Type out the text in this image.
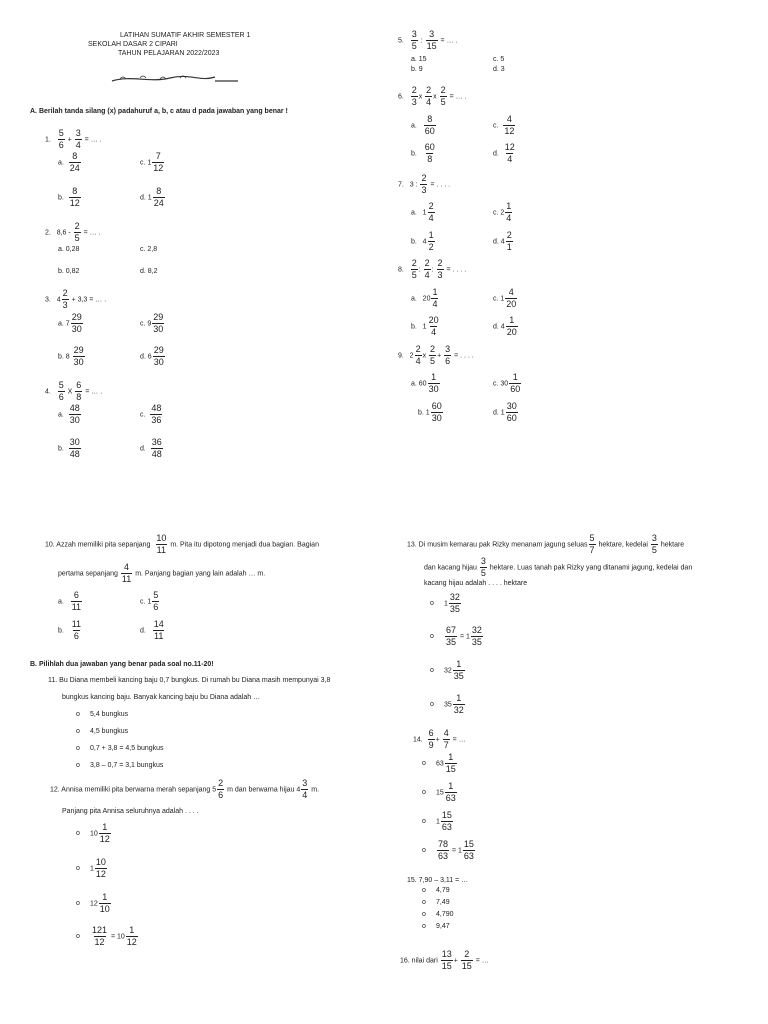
LATIHAN SUMATIF AKHIR SEMESTER 1
SEKOLAH DASAR 2 CIPARI
TAHUN PELAJARAN 2022/2023
A. Berilah tanda silang (x) padahuruf a, b, c atau d pada jawaban yang benar !
1. $\frac{5}{6} + \frac{3}{4}$ = … .
a. $\frac{8}{24}$	c. $1 \frac{7}{12}$
b. $\frac{8}{12}$	d. $1 \frac{8}{24}$
2. $8,6 - \frac{2}{5}$ = … .
a. 0,28	c. 2,8
b. 0,82	d. 8,2
3. $4 \frac{2}{3} + 3,3$ = … .
a. $7 \frac{29}{30}$	c. $9 \frac{29}{30}$
b. $8 \frac{29}{30}$	d. $6 \frac{29}{30}$
4. $\frac{5}{6}$ X $\frac{6}{8}$ = … .
a. $\frac{48}{30}$	c. $\frac{48}{36}$
b. $\frac{30}{48}$	d. $\frac{36}{48}$
5. $\frac{3}{5}$ : $\frac{3}{15}$ = … .
a. 15	c. 5
b. 9	d. 3
6. $\frac{2}{3}$ x $\frac{2}{4}$ x $\frac{2}{5}$ = … .
a. $\frac{8}{60}$	c. $\frac{4}{12}$
b. $\frac{60}{8}$	d. $\frac{12}{4}$
7. 3 : $\frac{2}{3}$ = . . . .
a.   $1 \frac{2}{4}$	c. $2 \frac{1}{4}$
b.   $4 \frac{1}{2}$	d. $4 \frac{2}{1}$
8. $\frac{2}{5}$ : $\frac{2}{4}$ : $\frac{2}{3}$ = . . . .
a.   $20 \frac{1}{4}$	c. $1 \frac{4}{20}$
b.   $1 \frac{20}{4}$	d. $4 \frac{1}{20}$
9.   $2 \frac{2}{4}$ x $\frac{2}{5} + \frac{3}{6}$ = . . . .
a. $60 \frac{1}{30}$	c. $30 \frac{1}{60}$
b. $1 \frac{60}{30}$	d. $1 \frac{30}{60}$
10. Azzah memiliki pita sepanjang $\frac{10}{11} m$. Pita itu dipotong menjadi dua bagian. Bagian
pertama sepanjang $\frac{4}{11} m$. Panjang bagian yang lain adalah … m.
a. $\frac{6}{11}$	c. $1 \frac{5}{6}$
b. $\frac{11}{6}$	d. $\frac{14}{11}$
B. Pilihlah dua jawaban yang benar pada soal no.11-20!
11. Bu Diana membeli kancing baju 0,7 bungkus. Di rumah bu Diana masih mempunyai 3,8
bungkus kancing baju. Banyak kancing baju bu Diana adalah …
o 5,4 bungkus
o 4,5 bungkus
o 0,7 + 3,8 = 4,5 bungkus
o 3,8 – 0,7 = 3,1 bungkus
12. Annisa memiliki pita berwarna merah sepanjang $5 \frac{2}{6}$ m dan berwarna hijau $4 \frac{3}{4} m$.
Panjang pita Annisa seluruhnya adalah . . . .
o $10 \frac{1}{12}$
o $1 \frac{10}{12}$
o $12 \frac{1}{10}$
o
$\frac{121}{12} = 10 \frac{1}{12}$
13. Di musim kemarau pak Rizky menanam jagung seluas $\frac{5}{7}$ hektare, kedelai $\frac{3}{5}$ hektare
dan kacang hijau $\frac{3}{5}$ hektare. Luas tanah pak Rizky yang ditanami jagung, kedelai dan
kacang hijau adalah . . . . hektare
o $1 \frac{32}{35}$
o
$\frac{67}{35} = 1 \frac{32}{35}$
o $32 \frac{1}{35}$
o $35 \frac{1}{32}$
14. $\frac{6}{9} + \frac{4}{7}$ = …
o $63 \frac{1}{15}$
o $15 \frac{1}{63}$
o $1 \frac{15}{63}$
o
$\frac{78}{63} = 1 \frac{15}{63}$
15. 7,90 – 3,11 = …
o 4,79
o 7,49
o 4,790
o 9,47
16. nilai dari $\frac{13}{15} + \frac{2}{15}$ = …
